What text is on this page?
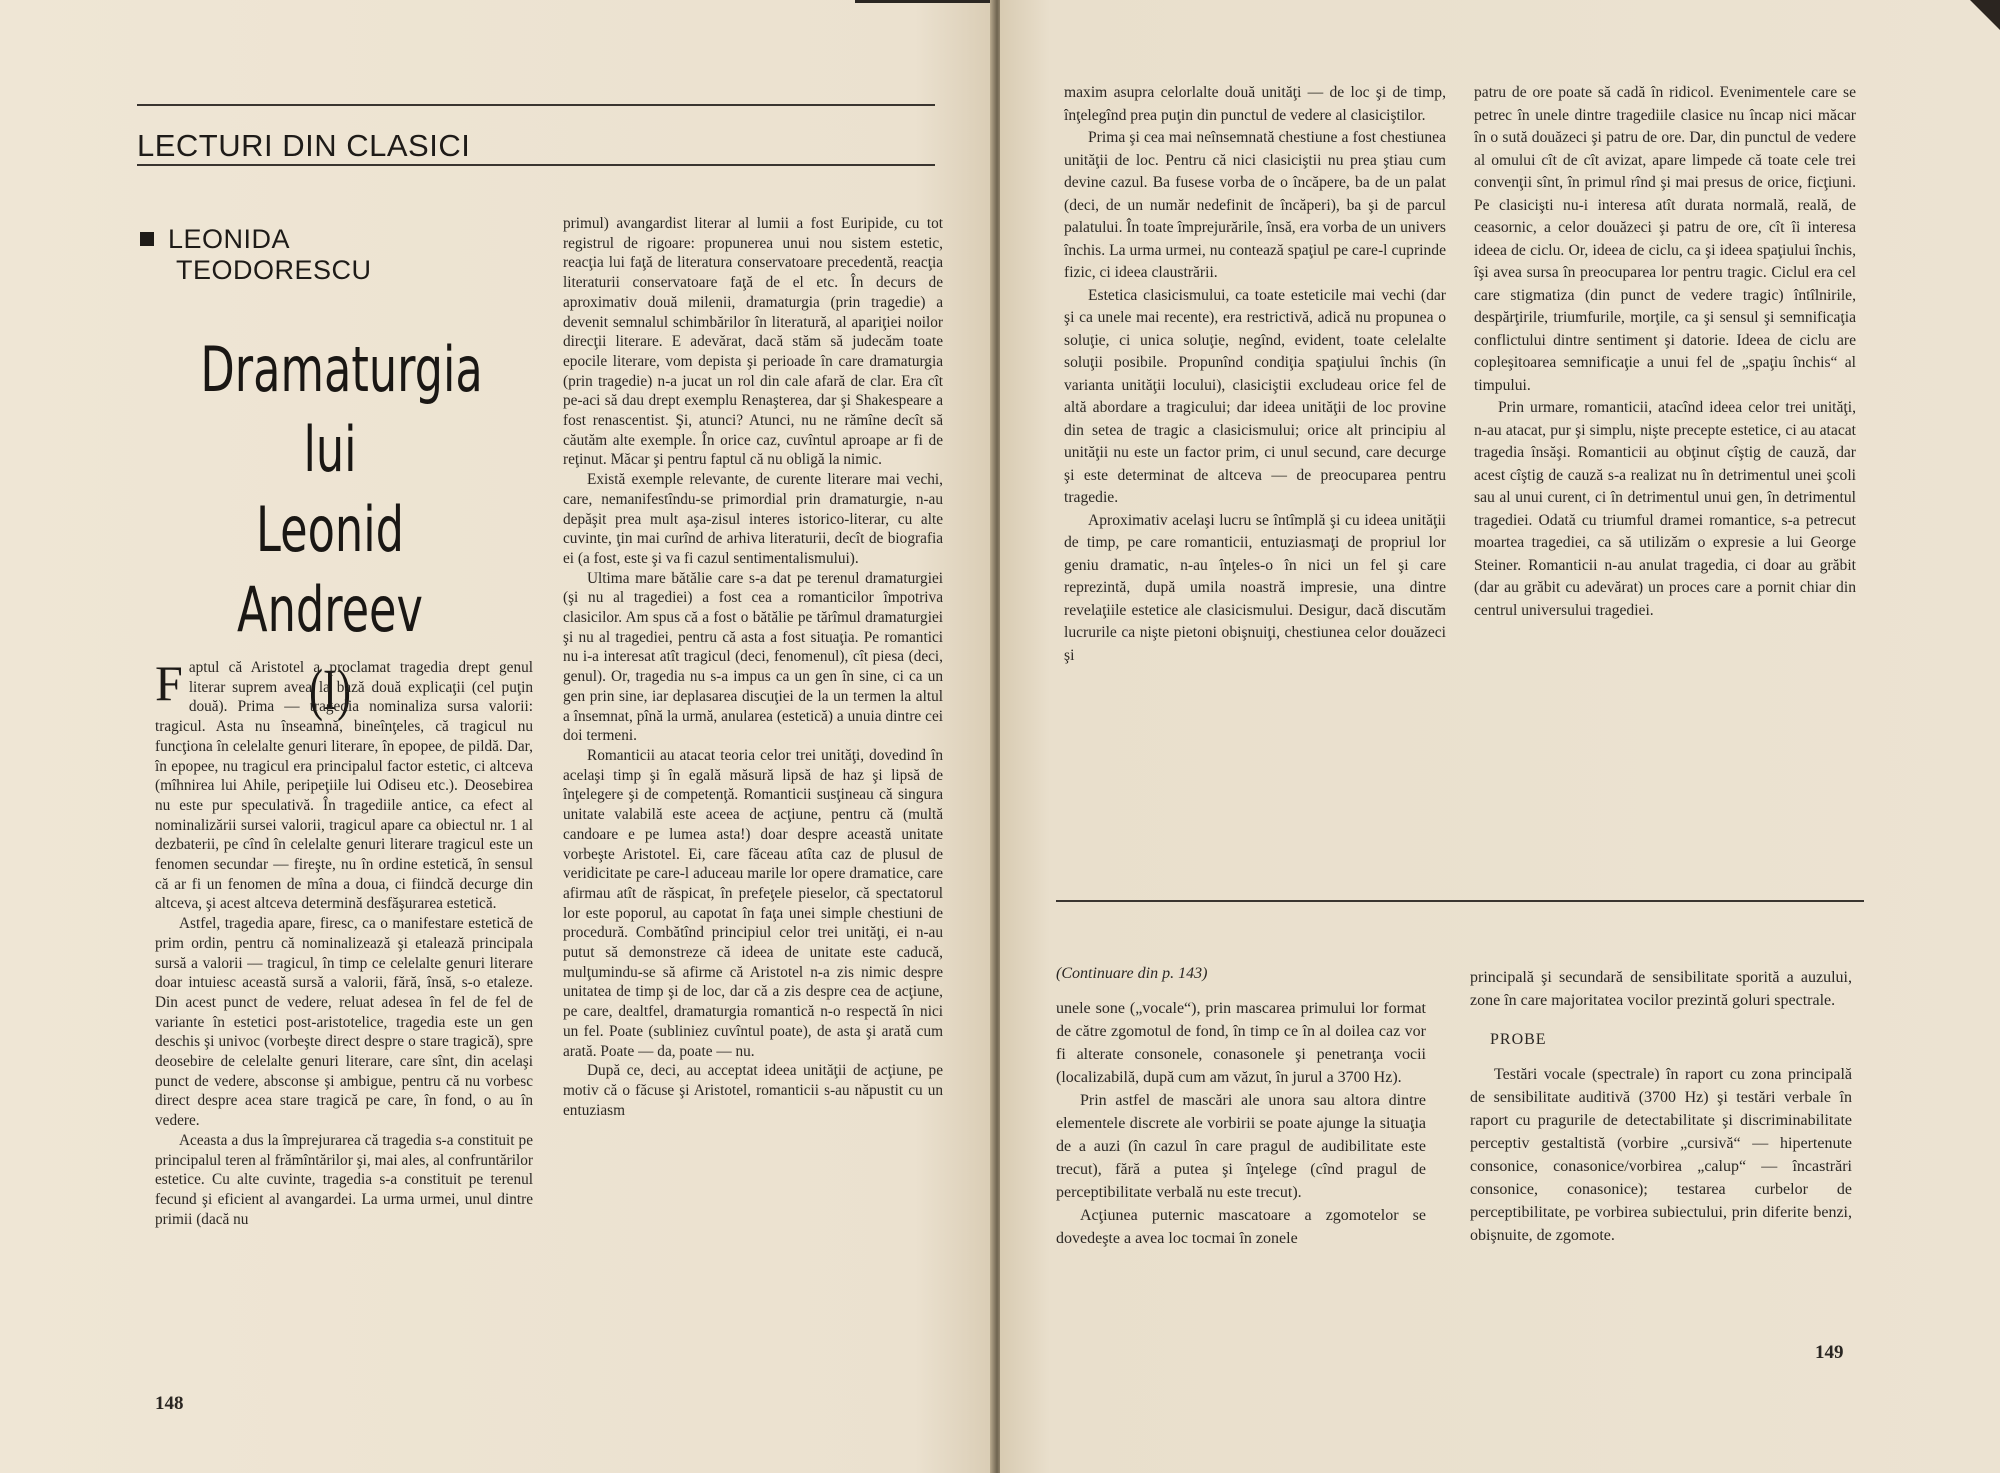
LECTURI DIN CLASICI
LEONIDA
TEODORESCU
Dramaturgia
lui
Leonid Andreev
(I)

Faptul că Aristotel a proclamat tragedia drept genul literar suprem avea la bază două explicaţii (cel puţin două). Prima — tragedia nominaliza sursa valorii: tragicul. Asta nu înseamnă, bineînţeles, că tragicul nu funcţiona în celelalte genuri literare, în epopee, de pildă. Dar, în epopee, nu tragicul era principalul factor estetic, ci altceva (mîhnirea lui Ahile, peripeţiile lui Odiseu etc.). Deosebirea nu este pur speculativă. În tragediile antice, ca efect al nominalizării sursei valorii, tragicul apare ca obiectul nr. 1 al dezbaterii, pe cînd în celelalte genuri literare tragicul este un fenomen secundar — fireşte, nu în ordine estetică, în sensul că ar fi un fenomen de mîna a doua, ci fiindcă decurge din altceva, şi acest altceva determină desfăşurarea estetică.

Astfel, tragedia apare, firesc, ca o manifestare estetică de prim ordin, pentru că nominalizează şi etalează principala sursă a valorii — tragicul, în timp ce celelalte genuri literare doar intuiesc această sursă a valorii, fără, însă, s-o etaleze. Din acest punct de vedere, reluat adesea în fel de fel de variante în estetici post-aristotelice, tragedia este un gen deschis şi univoc (vorbeşte direct despre o stare tragică), spre deosebire de celelalte genuri literare, care sînt, din acelaşi punct de vedere, absconse şi ambigue, pentru că nu vorbesc direct despre acea stare tragică pe care, în fond, o au în vedere.

Aceasta a dus la împrejurarea că tragedia s-a constituit pe principalul teren al frămîntărilor şi, mai ales, al confruntărilor estetice. Cu alte cuvinte, tragedia s-a constituit pe terenul fecund şi eficient al avangardei. La urma urmei, unul dintre primii (dacă nu

primul) avangardist literar al lumii a fost Euripide, cu tot registrul de rigoare: propunerea unui nou sistem estetic, reacţia lui faţă de literatura conservatoare precedentă, reacţia literaturii conservatoare faţă de el etc. În decurs de aproximativ două milenii, dramaturgia (prin tragedie) a devenit semnalul schimbărilor în literatură, al apariţiei noilor direcţii literare. E adevărat, dacă stăm să judecăm toate epocile literare, vom depista şi perioade în care dramaturgia (prin tragedie) n-a jucat un rol din cale afară de clar. Era cît pe-aci să dau drept exemplu Renaşterea, dar şi Shakespeare a fost renascentist. Şi, atunci? Atunci, nu ne rămîne decît să căutăm alte exemple. În orice caz, cuvîntul aproape ar fi de reţinut. Măcar şi pentru faptul că nu obligă la nimic.

Există exemple relevante, de curente literare mai vechi, care, nemanifestîndu-se primordial prin dramaturgie, n-au depăşit prea mult aşa-zisul interes istorico-literar, cu alte cuvinte, ţin mai curînd de arhiva literaturii, decît de biografia ei (a fost, este şi va fi cazul sentimentalismului).

Ultima mare bătălie care s-a dat pe terenul dramaturgiei (şi nu al tragediei) a fost cea a romanticilor împotriva clasicilor. Am spus că a fost o bătălie pe tărîmul dramaturgiei şi nu al tragediei, pentru că asta a fost situaţia. Pe romantici nu i-a interesat atît tragicul (deci, fenomenul), cît piesa (deci, genul). Or, tragedia nu s-a impus ca un gen în sine, ci ca un gen prin sine, iar deplasarea discuţiei de la un termen la altul a însemnat, pînă la urmă, anularea (estetică) a unuia dintre cei doi termeni.

Romanticii au atacat teoria celor trei unităţi, dovedind în acelaşi timp şi în egală măsură lipsă de haz şi lipsă de înţelegere şi de competenţă. Romanticii susţineau că singura unitate valabilă este aceea de acţiune, pentru că (multă candoare e pe lumea asta!) doar despre această unitate vorbeşte Aristotel. Ei, care făceau atîta caz de plusul de veridicitate pe care-l aduceau marile lor opere dramatice, care afirmau atît de răspicat, în prefeţele pieselor, că spectatorul lor este poporul, au capotat în faţa unei simple chestiuni de procedură. Combătînd principiul celor trei unităţi, ei n-au putut să demonstreze că ideea de unitate este caducă, mulţumindu-se să afirme că Aristotel n-a zis nimic despre unitatea de timp şi de loc, dar că a zis despre cea de acţiune, pe care, dealtfel, dramaturgia romantică n-o respectă în nici un fel. Poate (subliniez cuvîntul poate), de asta şi arată cum arată. Poate — da, poate — nu.

După ce, deci, au acceptat ideea unităţii de acţiune, pe motiv că o făcuse şi Aristotel, romanticii s-au năpustit cu un entuziasm

148

maxim asupra celorlalte două unităţi — de loc şi de timp, înţelegînd prea puţin din punctul de vedere al clasiciştilor.

Prima şi cea mai neînsemnată chestiune a fost chestiunea unităţii de loc. Pentru că nici clasiciştii nu prea ştiau cum devine cazul. Ba fusese vorba de o încăpere, ba de un palat (deci, de un număr nedefinit de încăperi), ba şi de parcul palatului. În toate împrejurările, însă, era vorba de un univers închis. La urma urmei, nu contează spaţiul pe care-l cuprinde fizic, ci ideea claustrării.

Estetica clasicismului, ca toate esteticile mai vechi (dar şi ca unele mai recente), era restrictivă, adică nu propunea o soluţie, ci unica soluţie, negînd, evident, toate celelalte soluţii posibile. Propunînd condiţia spaţiului închis (în varianta unităţii locului), clasiciştii excludeau orice fel de altă abordare a tragicului; dar ideea unităţii de loc provine din setea de tragic a clasicismului; orice alt principiu al unităţii nu este un factor prim, ci unul secund, care decurge şi este determinat de altceva — de preocuparea pentru tragedie.

Aproximativ acelaşi lucru se întîmplă şi cu ideea unităţii de timp, pe care romanticii, entuziasmaţi de propriul lor geniu dramatic, n-au înţeles-o în nici un fel şi care reprezintă, după umila noastră impresie, una dintre revelaţiile estetice ale clasicismului. Desigur, dacă discutăm lucrurile ca nişte pietoni obişnuiţi, chestiunea celor douăzeci şi

patru de ore poate să cadă în ridicol. Evenimentele care se petrec în unele dintre tragediile clasice nu încap nici măcar în o sută douăzeci şi patru de ore. Dar, din punctul de vedere al omului cît de cît avizat, apare limpede că toate cele trei convenţii sînt, în primul rînd şi mai presus de orice, ficţiuni. Pe clasicişti nu-i interesa atît durata normală, reală, de ceasornic, a celor douăzeci şi patru de ore, cît îi interesa ideea de ciclu. Or, ideea de ciclu, ca şi ideea spaţiului închis, îşi avea sursa în preocuparea lor pentru tragic. Ciclul era cel care stigmatiza (din punct de vedere tragic) întîlnirile, despărţirile, triumfurile, morţile, ca şi sensul şi semnificaţia conflictului dintre sentiment şi datorie. Ideea de ciclu are copleşitoarea semnificaţie a unui fel de „spaţiu închis“ al timpului.

Prin urmare, romanticii, atacînd ideea celor trei unităţi, n-au atacat, pur şi simplu, nişte precepte estetice, ci au atacat tragedia însăşi. Romanticii au obţinut cîştig de cauză, dar acest cîştig de cauză s-a realizat nu în detrimentul unei şcoli sau al unui curent, ci în detrimentul unui gen, în detrimentul tragediei. Odată cu triumful dramei romantice, s-a petrecut moartea tragediei, ca să utilizăm o expresie a lui George Steiner. Romanticii n-au anulat tragedia, ci doar au grăbit (dar au grăbit cu adevărat) un proces care a pornit chiar din centrul universului tragediei.

(Continuare din p. 143)

unele sone („vocale“), prin mascarea primului lor format de către zgomotul de fond, în timp ce în al doilea caz vor fi alterate consonele, conasonele şi penetranţa vocii (localizabilă, după cum am văzut, în jurul a 3700 Hz).

Prin astfel de mascări ale unora sau altora dintre elementele discrete ale vorbirii se poate ajunge la situaţia de a auzi (în cazul în care pragul de audibilitate este trecut), fără a putea şi înţelege (cînd pragul de perceptibilitate verbală nu este trecut).

Acţiunea puternic mascatoare a zgomotelor se dovedeşte a avea loc tocmai în zonele

principală şi secundară de sensibilitate sporită a auzului, zone în care majoritatea vocilor prezintă goluri spectrale.

PROBE

Testări vocale (spectrale) în raport cu zona principală de sensibilitate auditivă (3700 Hz) şi testări verbale în raport cu pragurile de detectabilitate şi discriminabilitate perceptiv gestaltistă (vorbire „cursivă“ — hipertenute consonice, conasonice/vorbirea „calup“ — încastrări consonice, conasonice); testarea curbelor de perceptibilitate, pe vorbirea subiectului, prin diferite benzi, obişnuite, de zgomote.

149
